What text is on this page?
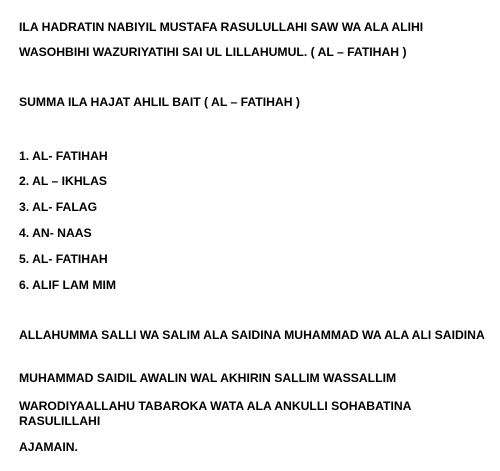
ILA HADRATIN NABIYIL MUSTAFA RASULULLAHI SAW WA ALA ALIHI
WASOHBIHI WAZURIYATIHI SAI UL LILLAHUMUL. ( AL – FATIHAH )
SUMMA ILA HAJAT AHLIL BAIT ( AL – FATIHAH )
1. AL- FATIHAH
2. AL – IKHLAS
3. AL- FALAG
4. AN- NAAS
5. AL- FATIHAH
6. ALIF LAM MIM
ALLAHUMMA SALLI WA SALIM ALA SAIDINA MUHAMMAD WA ALA ALI SAIDINA
MUHAMMAD SAIDIL AWALIN WAL AKHIRIN SALLIM WASSALLIM
WARODIYAALLAHU TABAROKA WATA ALA ANKULLI SOHABATINA RASULILLAHI
AJAMAIN.
